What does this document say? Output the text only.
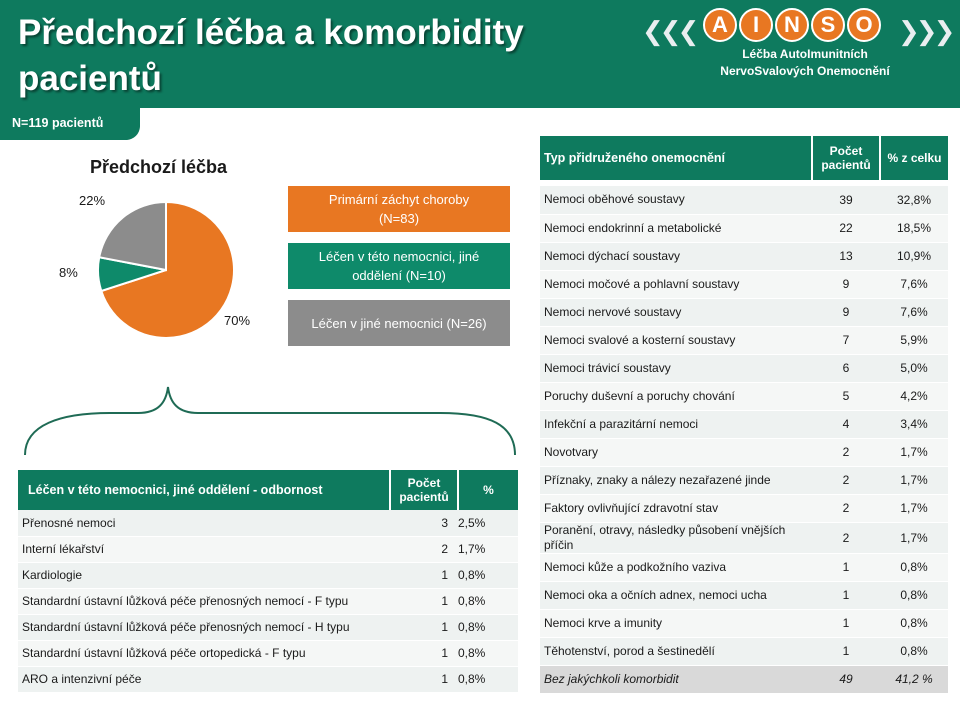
Předchozí léčba a komorbidity
pacientů
❮❮❮	❯❯❯
A	I	N S O
Léčba AutoImunitních
NervoSvalových Onemocnění
N=119 pacientů
Předchozí léčba
22%
8%
70%
Primární záchyt choroby
(N=83)
Léčen v této nemocnici, jiné
oddělení (N=10)
Léčen v jiné nemocnici (N=26)
Léčen v této nemocnici, jiné oddělení - odbornost	Počet pacientů	%
Přenosné nemoci	3	2,5%
Interní lékařství	2	1,7%
Kardiologie	1	0,8%
Standardní ústavní lůžková péče přenosných nemocí - F typu	1	0,8%
Standardní ústavní lůžková péče přenosných nemocí - H typu	1	0,8%
Standardní ústavní lůžková péče ortopedická - F typu	1	0,8%
ARO a intenzivní péče	1	0,8%
Typ přidruženého onemocnění	Počet pacientů	% z celku

Nemoci oběhové soustavy	39	32,8%
Nemoci endokrinní a metabolické	22	18,5%
Nemoci dýchací soustavy	13	10,9%
Nemoci močové a pohlavní soustavy	9	7,6%
Nemoci nervové soustavy	9	7,6%
Nemoci svalové a kosterní soustavy	7	5,9%
Nemoci trávicí soustavy	6	5,0%
Poruchy duševní a poruchy chování	5	4,2%
Infekční a parazitární nemoci	4	3,4%
Novotvary	2	1,7%
Příznaky, znaky a nálezy nezařazené jinde	2	1,7%
Faktory ovlivňující zdravotní stav	2	1,7%
Poranění, otravy, následky působení vnějších příčin	2	1,7%
Nemoci kůže a podkožního vaziva	1	0,8%
Nemoci oka a očních adnex, nemoci ucha	1	0,8%
Nemoci krve a imunity	1	0,8%
Těhotenství, porod a šestinedělí	1	0,8%
Bez jakýchkoli komorbidit	49	41,2 %
